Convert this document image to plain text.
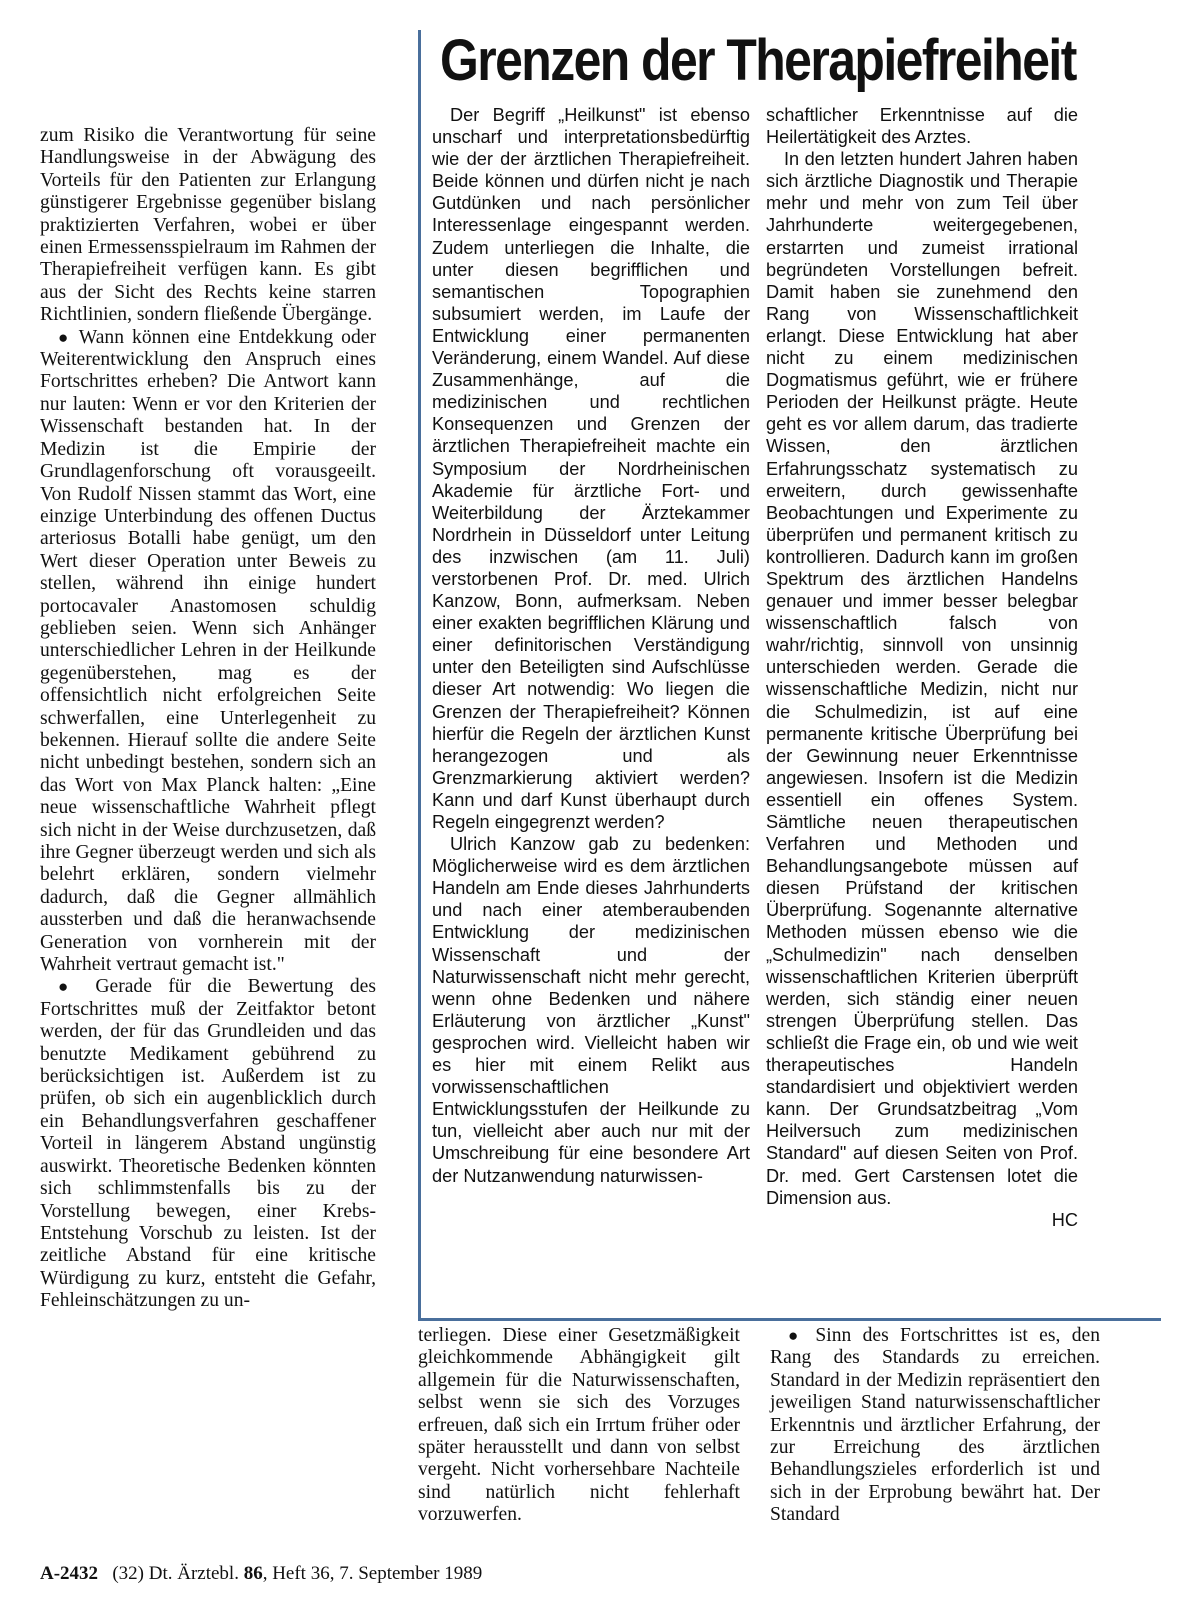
Grenzen der Therapiefreiheit

zum Risiko die Verantwortung für seine Handlungsweise in der Abwägung des Vorteils für den Patienten zur Erlangung günstigerer Ergebnisse gegenüber bislang praktizierten Verfahren, wobei er über einen Ermessensspielraum im Rahmen der Therapiefreiheit verfügen kann. Es gibt aus der Sicht des Rechts keine starren Richtlinien, sondern fließende Übergänge.

● Wann können eine Entdekkung oder Weiterentwicklung den Anspruch eines Fortschrittes erheben? Die Antwort kann nur lauten: Wenn er vor den Kriterien der Wissenschaft bestanden hat. In der Medizin ist die Empirie der Grundlagenforschung oft vorausgeeilt. Von Rudolf Nissen stammt das Wort, eine einzige Unterbindung des offenen Ductus arteriosus Botalli habe genügt, um den Wert dieser Operation unter Beweis zu stellen, während ihn einige hundert portocavaler Anastomosen schuldig geblieben seien. Wenn sich Anhänger unterschiedlicher Lehren in der Heilkunde gegenüberstehen, mag es der offensichtlich nicht erfolgreichen Seite schwerfallen, eine Unterlegenheit zu bekennen. Hierauf sollte die andere Seite nicht unbedingt bestehen, sondern sich an das Wort von Max Planck halten: „Eine neue wissenschaftliche Wahrheit pflegt sich nicht in der Weise durchzusetzen, daß ihre Gegner überzeugt werden und sich als belehrt erklären, sondern vielmehr dadurch, daß die Gegner allmählich aussterben und daß die heranwachsende Generation von vornherein mit der Wahrheit vertraut gemacht ist."

● Gerade für die Bewertung des Fortschrittes muß der Zeitfaktor betont werden, der für das Grundleiden und das benutzte Medikament gebührend zu berücksichtigen ist. Außerdem ist zu prüfen, ob sich ein augenblicklich durch ein Behandlungsverfahren geschaffener Vorteil in längerem Abstand ungünstig auswirkt. Theoretische Bedenken könnten sich schlimmstenfalls bis zu der Vorstellung bewegen, einer Krebs-Entstehung Vorschub zu leisten. Ist der zeitliche Abstand für eine kritische Würdigung zu kurz, entsteht die Gefahr, Fehleinschätzungen zu un-

Der Begriff „Heilkunst" ist ebenso unscharf und interpretationsbedürftig wie der der ärztlichen Therapiefreiheit. Beide können und dürfen nicht je nach Gutdünken und nach persönlicher Interessenlage eingespannt werden. Zudem unterliegen die Inhalte, die unter diesen begrifflichen und semantischen Topographien subsumiert werden, im Laufe der Entwicklung einer permanenten Veränderung, einem Wandel. Auf diese Zusammenhänge, auf die medizinischen und rechtlichen Konsequenzen und Grenzen der ärztlichen Therapiefreiheit machte ein Symposium der Nordrheinischen Akademie für ärztliche Fort- und Weiterbildung der Ärztekammer Nordrhein in Düsseldorf unter Leitung des inzwischen (am 11. Juli) verstorbenen Prof. Dr. med. Ulrich Kanzow, Bonn, aufmerksam. Neben einer exakten begrifflichen Klärung und einer definitorischen Verständigung unter den Beteiligten sind Aufschlüsse dieser Art notwendig: Wo liegen die Grenzen der Therapiefreiheit? Können hierfür die Regeln der ärztlichen Kunst herangezogen und als Grenzmarkierung aktiviert werden? Kann und darf Kunst überhaupt durch Regeln eingegrenzt werden?

Ulrich Kanzow gab zu bedenken: Möglicherweise wird es dem ärztlichen Handeln am Ende dieses Jahrhunderts und nach einer atemberaubenden Entwicklung der medizinischen Wissenschaft und der Naturwissenschaft nicht mehr gerecht, wenn ohne Bedenken und nähere Erläuterung von ärztlicher „Kunst" gesprochen wird. Vielleicht haben wir es hier mit einem Relikt aus vorwissenschaftlichen Entwicklungsstufen der Heilkunde zu tun, vielleicht aber auch nur mit der Umschreibung für eine besondere Art der Nutzanwendung naturwissen-

schaftlicher Erkenntnisse auf die Heilertätigkeit des Arztes.

In den letzten hundert Jahren haben sich ärztliche Diagnostik und Therapie mehr und mehr von zum Teil über Jahrhunderte weitergegebenen, erstarrten und zumeist irrational begründeten Vorstellungen befreit. Damit haben sie zunehmend den Rang von Wissenschaftlichkeit erlangt. Diese Entwicklung hat aber nicht zu einem medizinischen Dogmatismus geführt, wie er frühere Perioden der Heilkunst prägte. Heute geht es vor allem darum, das tradierte Wissen, den ärztlichen Erfahrungsschatz systematisch zu erweitern, durch gewissenhafte Beobachtungen und Experimente zu überprüfen und permanent kritisch zu kontrollieren. Dadurch kann im großen Spektrum des ärztlichen Handelns genauer und immer besser belegbar wissenschaftlich falsch von wahr/richtig, sinnvoll von unsinnig unterschieden werden. Gerade die wissenschaftliche Medizin, nicht nur die Schulmedizin, ist auf eine permanente kritische Überprüfung bei der Gewinnung neuer Erkenntnisse angewiesen. Insofern ist die Medizin essentiell ein offenes System. Sämtliche neuen therapeutischen Verfahren und Methoden und Behandlungsangebote müssen auf diesen Prüfstand der kritischen Überprüfung. Sogenannte alternative Methoden müssen ebenso wie die „Schulmedizin" nach denselben wissenschaftlichen Kriterien überprüft werden, sich ständig einer neuen strengen Überprüfung stellen. Das schließt die Frage ein, ob und wie weit therapeutisches Handeln standardisiert und objektiviert werden kann. Der Grundsatzbeitrag „Vom Heilversuch zum medizinischen Standard" auf diesen Seiten von Prof. Dr. med. Gert Carstensen lotet die Dimension aus.

HC

terliegen. Diese einer Gesetzmäßigkeit gleichkommende Abhängigkeit gilt allgemein für die Naturwissenschaften, selbst wenn sie sich des Vorzuges erfreuen, daß sich ein Irrtum früher oder später herausstellt und dann von selbst vergeht. Nicht vorhersehbare Nachteile sind natürlich nicht fehlerhaft vorzuwerfen.

● Sinn des Fortschrittes ist es, den Rang des Standards zu erreichen. Standard in der Medizin repräsentiert den jeweiligen Stand naturwissenschaftlicher Erkenntnis und ärztlicher Erfahrung, der zur Erreichung des ärztlichen Behandlungszieles erforderlich ist und sich in der Erprobung bewährt hat. Der Standard

A-2432 (32) Dt. Ärztebl. 86, Heft 36, 7. September 1989
